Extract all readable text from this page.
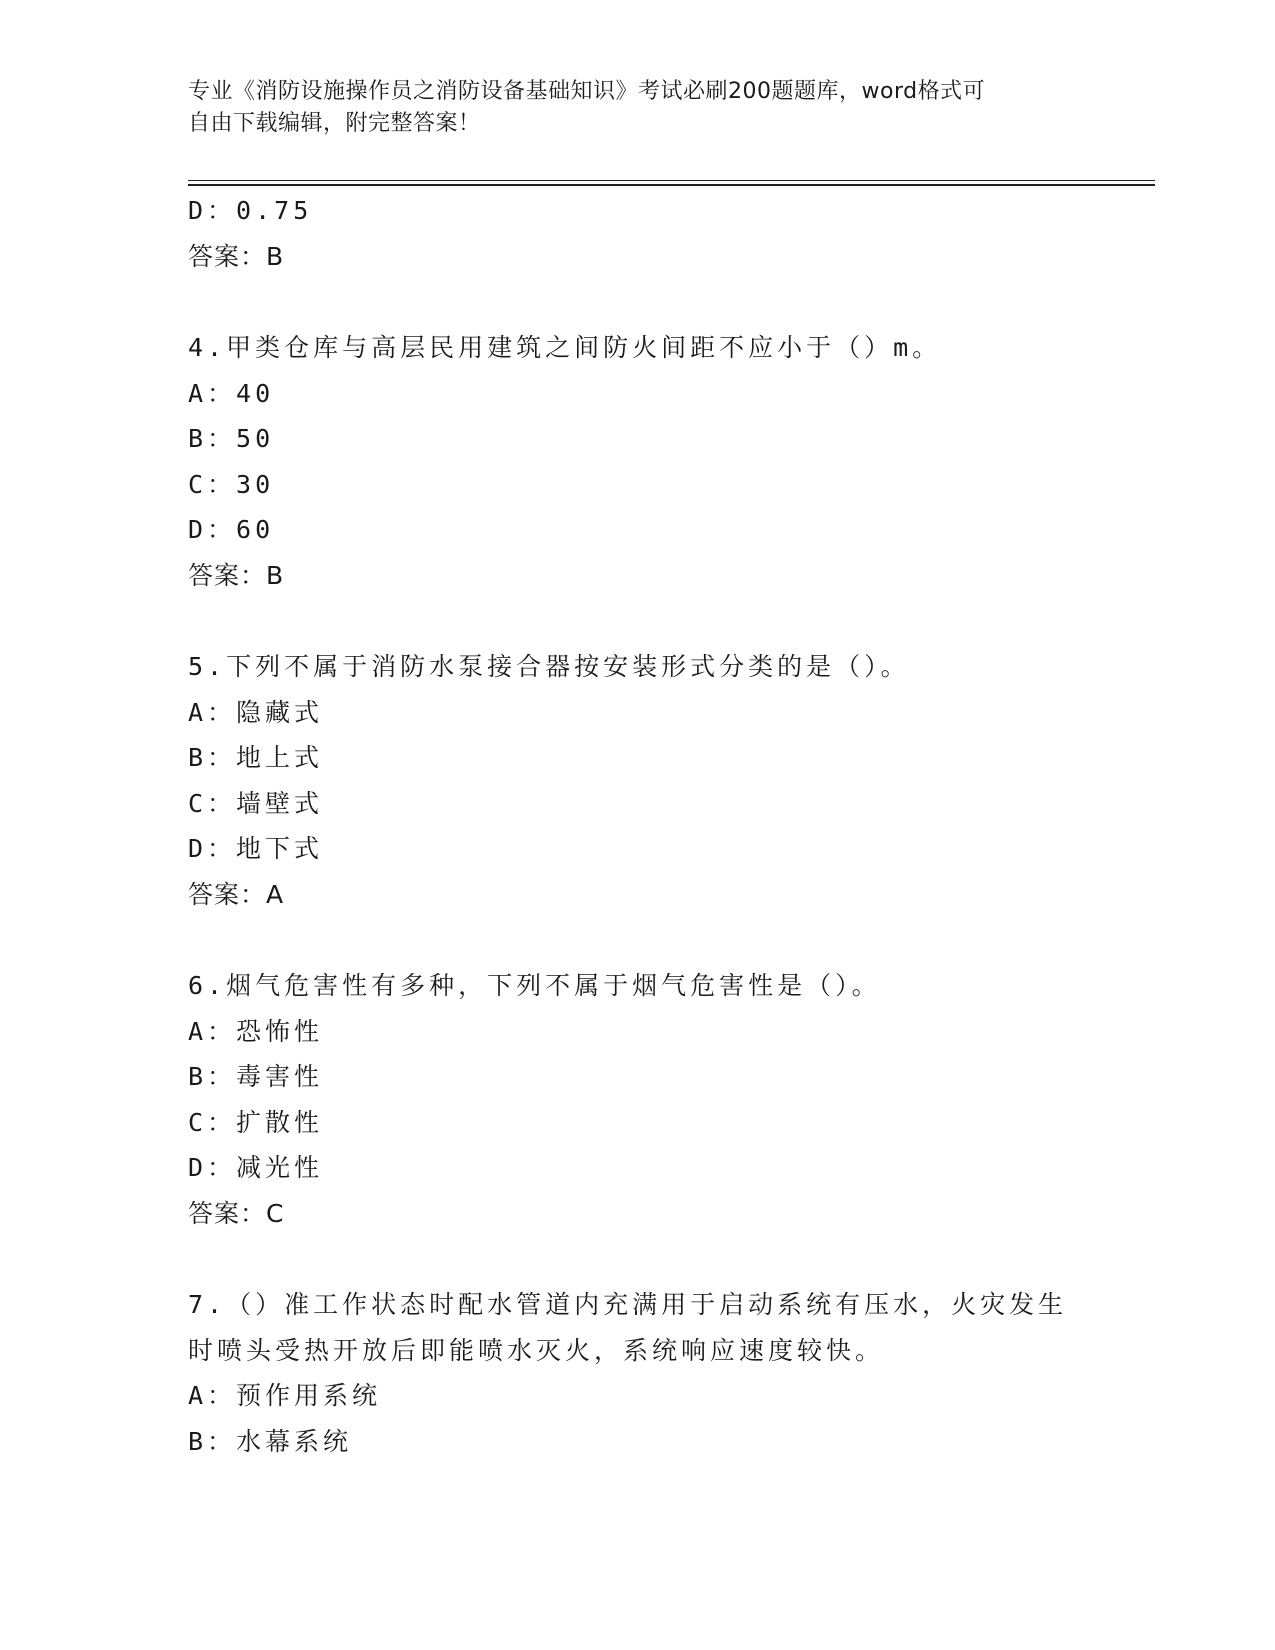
专业《消防设施操作员之消防设备基础知识》考试必刷200题题库，word格式可
自由下载编辑，附完整答案！
D：0.75
答案：B
4.甲类仓库与高层民用建筑之间防火间距不应小于（）m。
A：40
B：50
C：30
D：60
答案：B
5.下列不属于消防水泵接合器按安装形式分类的是（）。
A：隐藏式
B：地上式
C：墙壁式
D：地下式
答案：A
6.烟气危害性有多种，下列不属于烟气危害性是（）。
A：恐怖性
B：毒害性
C：扩散性
D：减光性
答案：C
7.（）准工作状态时配水管道内充满用于启动系统有压水，火灾发生
时喷头受热开放后即能喷水灭火，系统响应速度较快。
A：预作用系统
B：水幕系统
